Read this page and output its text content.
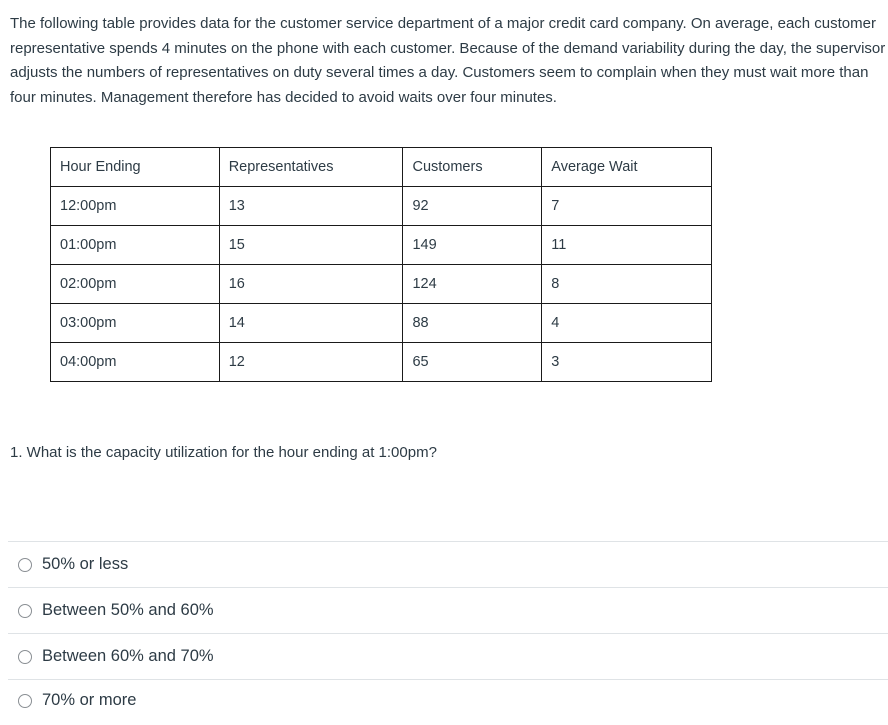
The following table provides data for the customer service department of a major credit card company. On average, each customer representative spends 4 minutes on the phone with each customer. Because of the demand variability during the day, the supervisor adjusts the numbers of representatives on duty several times a day. Customers seem to complain when they must wait more than four minutes. Management therefore has decided to avoid waits over four minutes.

Hour Ending	Representatives	Customers	Average Wait
12:00pm	13	92	7
01:00pm	15	149	11
02:00pm	16	124	8
03:00pm	14	88	4
04:00pm	12	65	3

1. What is the capacity utilization for the hour ending at 1:00pm?

50% or less
Between 50% and 60%
Between 60% and 70%
70% or more
